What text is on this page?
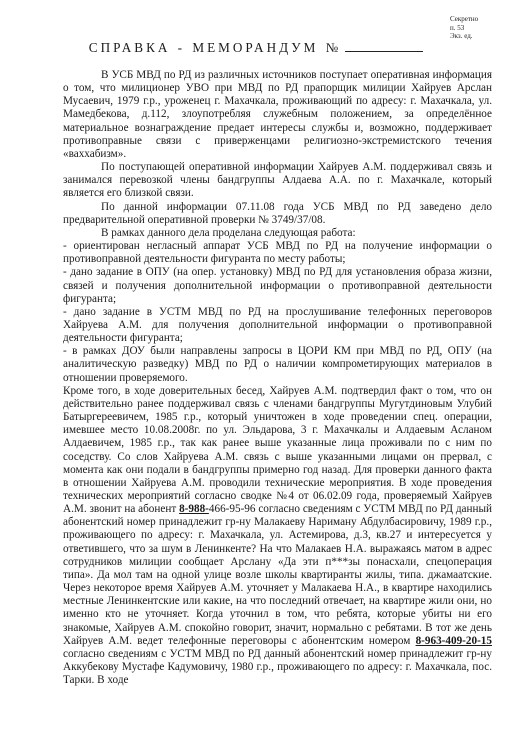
Секретно
п. 53
Экз. ед.
СПРАВКА - МЕМОРАНДУМ №

В УСБ МВД по РД из различных источников поступает оперативная информация о том, что милиционер УВО при МВД по РД прапорщик милиции Хайруев Арслан Мусаевич, 1979 г.р., уроженец г. Махачкала, проживающий по адресу: г. Махачкала, ул. Мамедбекова, д.112, злоупотребляя служебным положением, за определённое материальное вознаграждение предает интересы службы и, возможно, поддерживает противоправные связи с приверженцами религиозно-экстремистского течения «ваххабизм».

По поступающей оперативной информации Хайруев А.М. поддерживал связь и занимался перевозкой члены бандгруппы Алдаева А.А. по г. Махачкале, который является его близкой связи.

По данной информации 07.11.08 года УСБ МВД по РД заведено дело предварительной оперативной проверки № 3749/37/08.

В рамках данного дела проделана следующая работа:

- ориентирован негласный аппарат УСБ МВД по РД на получение информации о противоправной деятельности фигуранта по месту работы;

- дано задание в ОПУ (на опер. установку) МВД по РД для установления образа жизни, связей и получения дополнительной информации о противоправной деятельности фигуранта;

- дано задание в УСТМ МВД по РД на прослушивание телефонных переговоров Хайруева А.М. для получения дополнительной информации о противоправной деятельности фигуранта;

- в рамках ДОУ были направлены запросы в ЦОРИ КМ при МВД по РД, ОПУ (на аналитическую разведку) МВД по РД о наличии компрометирующих материалов в отношении проверяемого.

Кроме того, в ходе доверительных бесед, Хайруев А.М. подтвердил факт о том, что он действительно ранее поддерживал связь с членами бандгруппы Мугутдиновым Улубий Батыргереевичем, 1985 г.р., который уничтожен в ходе проведении спец. операции, имевшее место 10.08.2008г. по ул. Эльдарова, 3 г. Махачкалы и Алдаевым Асланом Алдаевичем, 1985 г.р., так как ранее выше указанные лица проживали по с ним по соседству. Со слов Хайруева А.М. связь с выше указанными лицами он прервал, с момента как они подали в бандгруппы примерно год назад. Для проверки данного факта в отношении Хайруева А.М. проводили технические мероприятия. В ходе проведения технических мероприятий согласно сводке №4 от 06.02.09 года, проверяемый Хайруев А.М. звонит на абонент 8-988-466-95-96 согласно сведениям с УСТМ МВД по РД данный абонентский номер принадлежит гр-ну Малакаеву Нариману Абдулбасировичу, 1989 г.р., проживающего по адресу: г. Махачкала, ул. Астемирова, д.3, кв.27 и интересуется у ответившего, что за шум в Ленинкенте? На что Малакаев Н.А. выражаясь матом в адрес сотрудников милиции сообщает Арслану «Да эти п***зы понасхали, спецоперация типа». Да мол там на одной улице возле школы квартиранты жилы, типа. джамаатские. Через некоторое время Хайруев А.М. уточняет у Малакаева Н.А., в квартире находились местные Ленинкентские или какие, на что последний отвечает, на квартире жили они, но именно кто не уточняет. Когда уточнил в том, что ребята, которые убиты ни его знакомые, Хайруев А.М. спокойно говорит, значит, нормально с ребятами. В тот же день Хайруев А.М. ведет телефонные переговоры с абонентским номером 8-963-409-20-15 согласно сведениям с УСТМ МВД по РД данный абонентский номер принадлежит гр-ну Аккубекову Мустафе Кадумовичу, 1980 г.р., проживающего по адресу: г. Махачкала, пос. Тарки. В ходе
